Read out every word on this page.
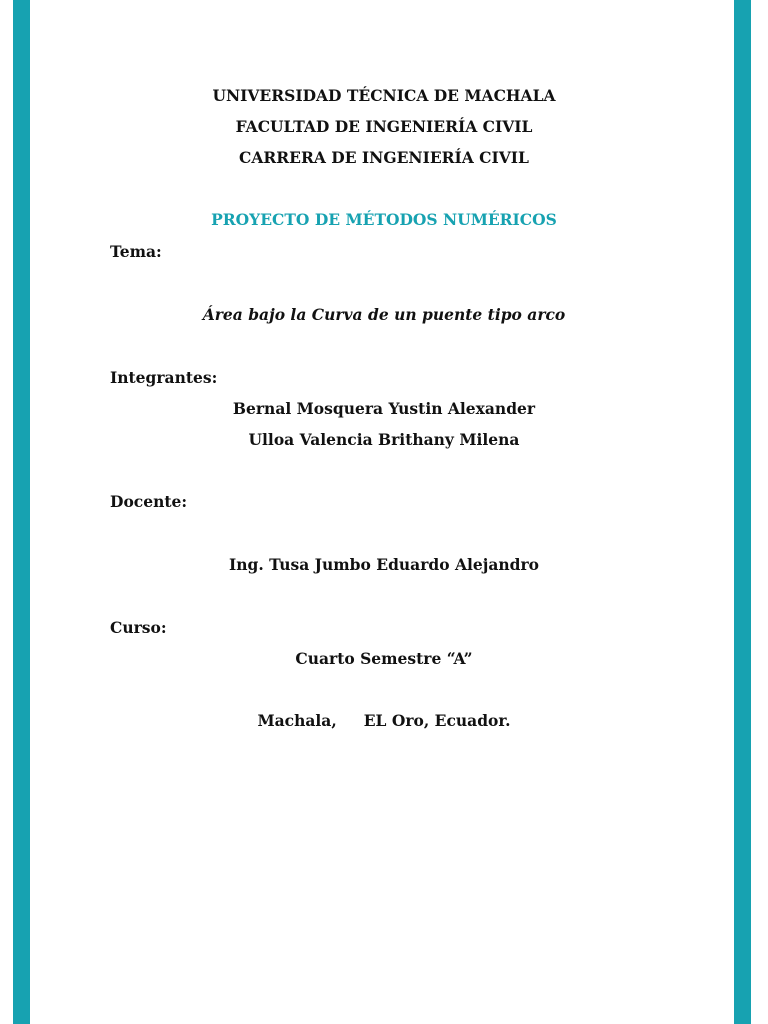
UNIVERSIDAD TÉCNICA DE MACHALA
FACULTAD DE INGENIERÍA CIVIL
CARRERA DE INGENIERÍA CIVIL
PROYECTO DE MÉTODOS NUMÉRICOS
Tema:
Área bajo la Curva de un puente tipo arco
Integrantes:
Bernal Mosquera Yustin Alexander
Ulloa Valencia Brithany Milena
Docente:
Ing. Tusa Jumbo Eduardo Alejandro
Curso:
Cuarto Semestre “A”
Machala,     EL Oro, Ecuador.
